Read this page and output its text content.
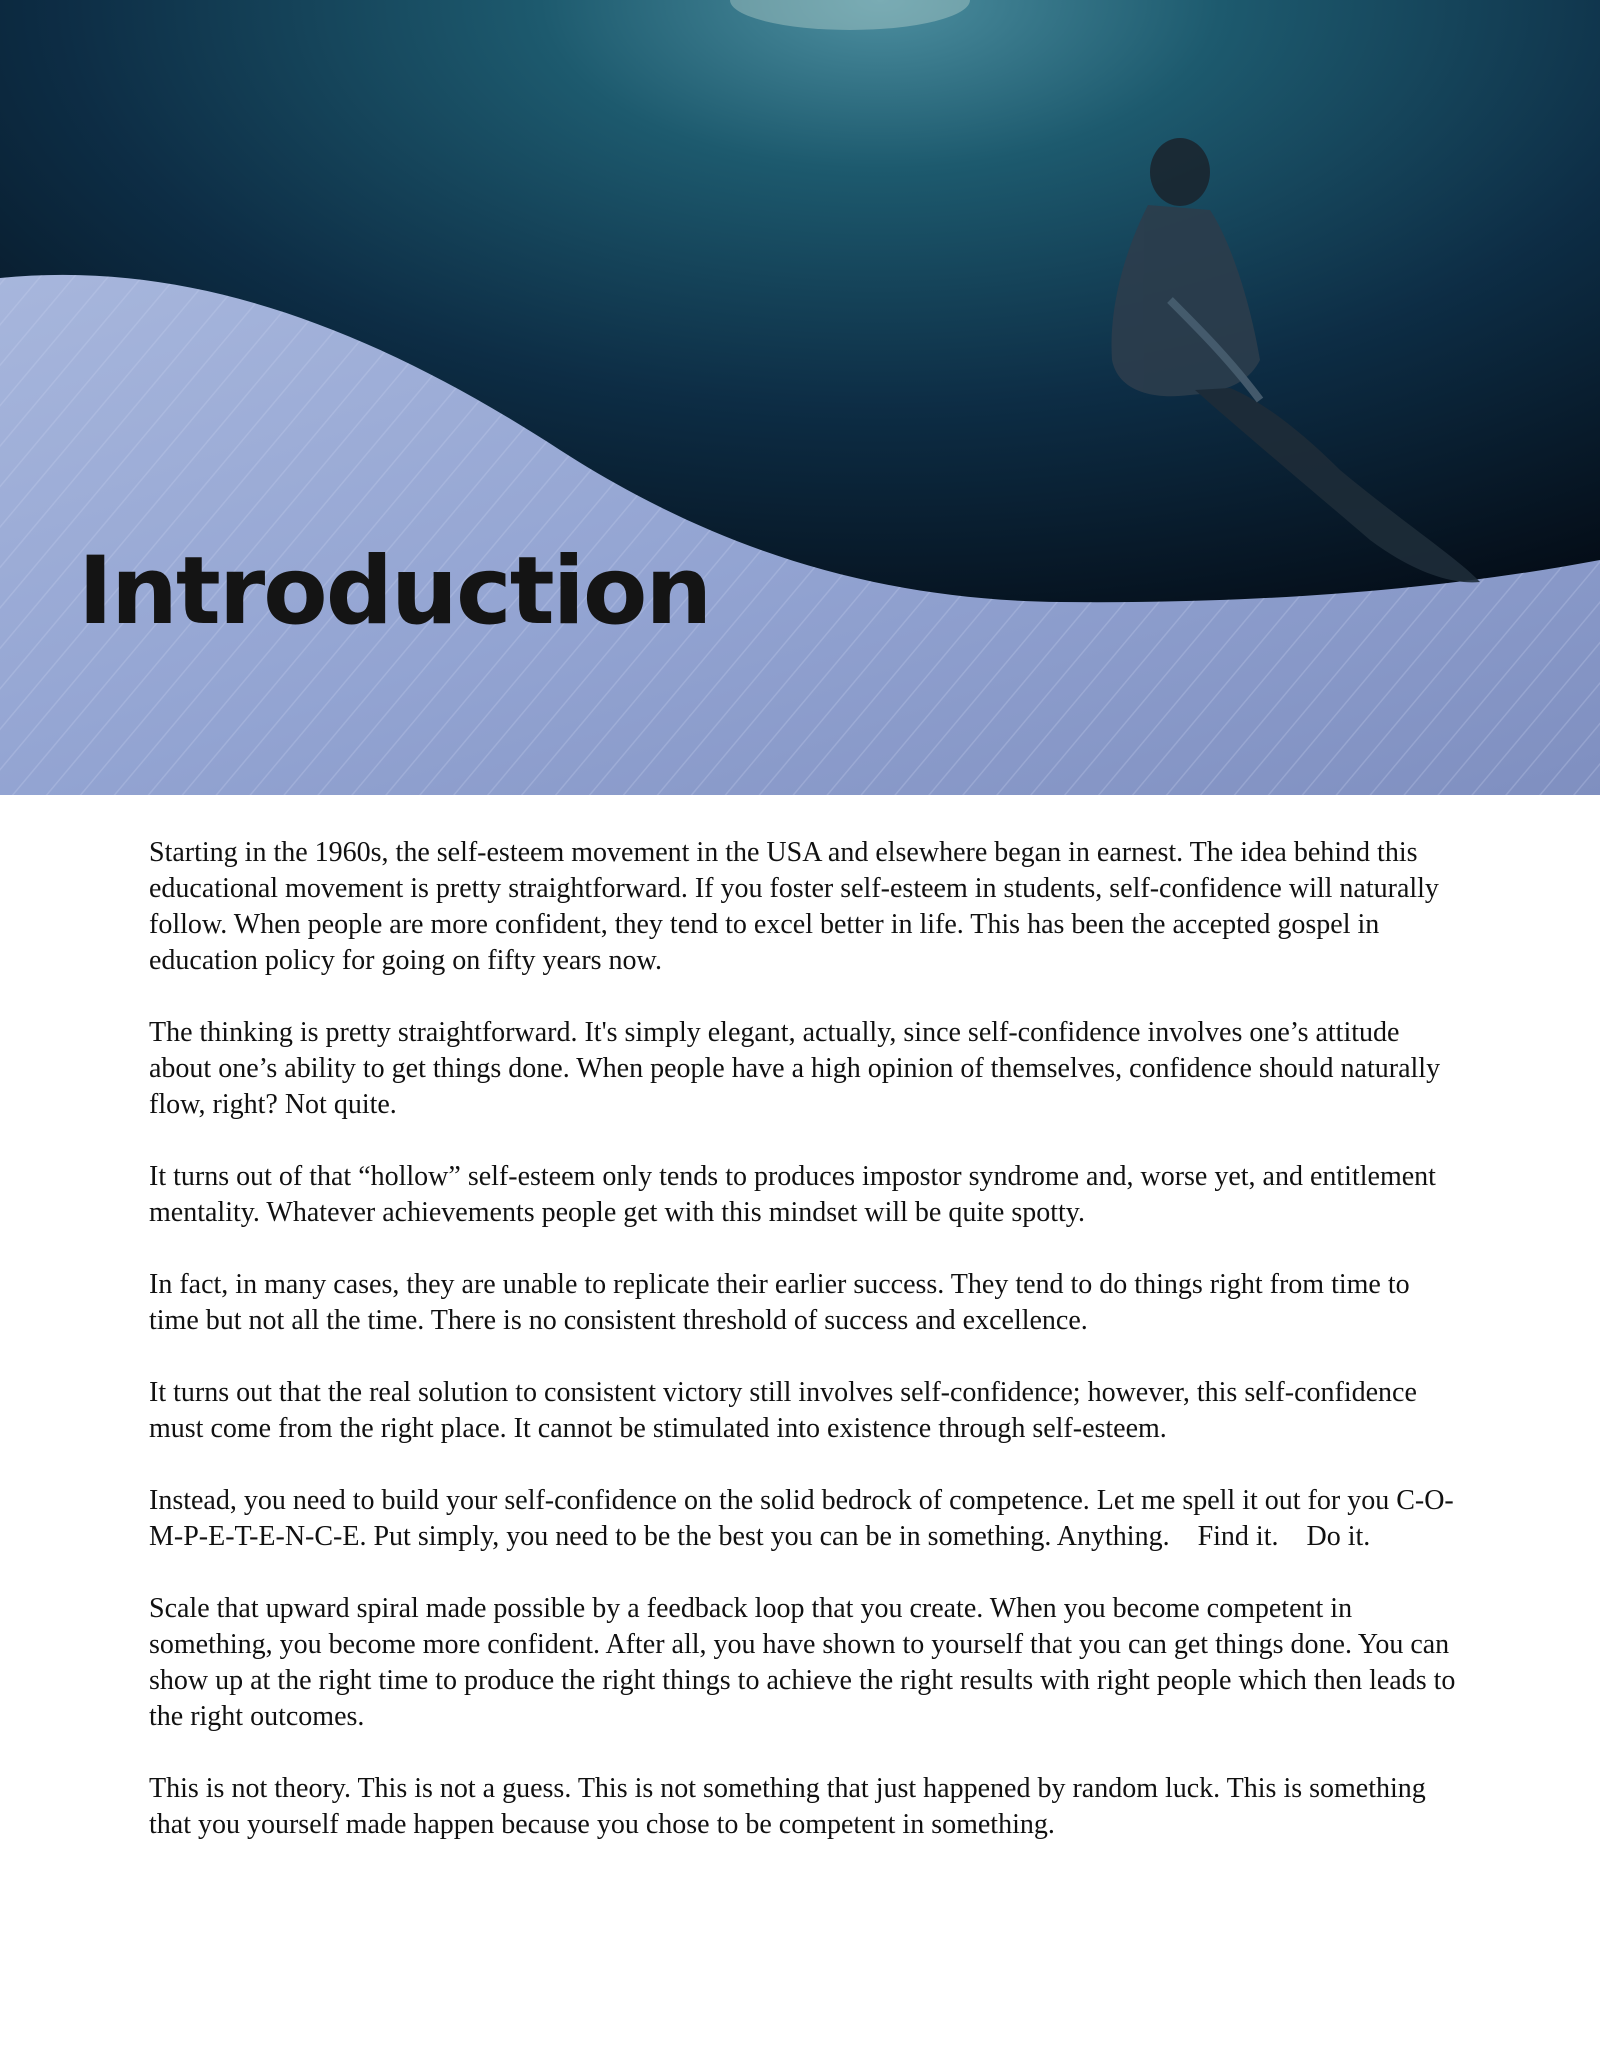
Introduction

Starting in the 1960s, the self-esteem movement in the USA and elsewhere began in earnest. The idea behind this educational movement is pretty straightforward. If you foster self-esteem in students, self-confidence will naturally follow. When people are more confident, they tend to excel better in life. This has been the accepted gospel in education policy for going on fifty years now.

The thinking is pretty straightforward. It's simply elegant, actually, since self-confidence involves one’s attitude about one’s ability to get things done. When people have a high opinion of themselves, confidence should naturally flow, right? Not quite.

It turns out of that “hollow” self-esteem only tends to produces impostor syndrome and, worse yet, and entitlement mentality. Whatever achievements people get with this mindset will be quite spotty.

In fact, in many cases, they are unable to replicate their earlier success. They tend to do things right from time to time but not all the time. There is no consistent threshold of success and excellence.

It turns out that the real solution to consistent victory still involves self-confidence; however, this self-confidence must come from the right place. It cannot be stimulated into existence through self-esteem.

Instead, you need to build your self-confidence on the solid bedrock of competence. Let me spell it out for you C-O-M-P-E-T-E-N-C-E. Put simply, you need to be the best you can be in something. Anything.    Find it.    Do it.

Scale that upward spiral made possible by a feedback loop that you create. When you become competent in something, you become more confident. After all, you have shown to yourself that you can get things done. You can show up at the right time to produce the right things to achieve the right results with right people which then leads to the right outcomes.

This is not theory. This is not a guess. This is not something that just happened by random luck. This is something that you yourself made happen because you chose to be competent in something.
